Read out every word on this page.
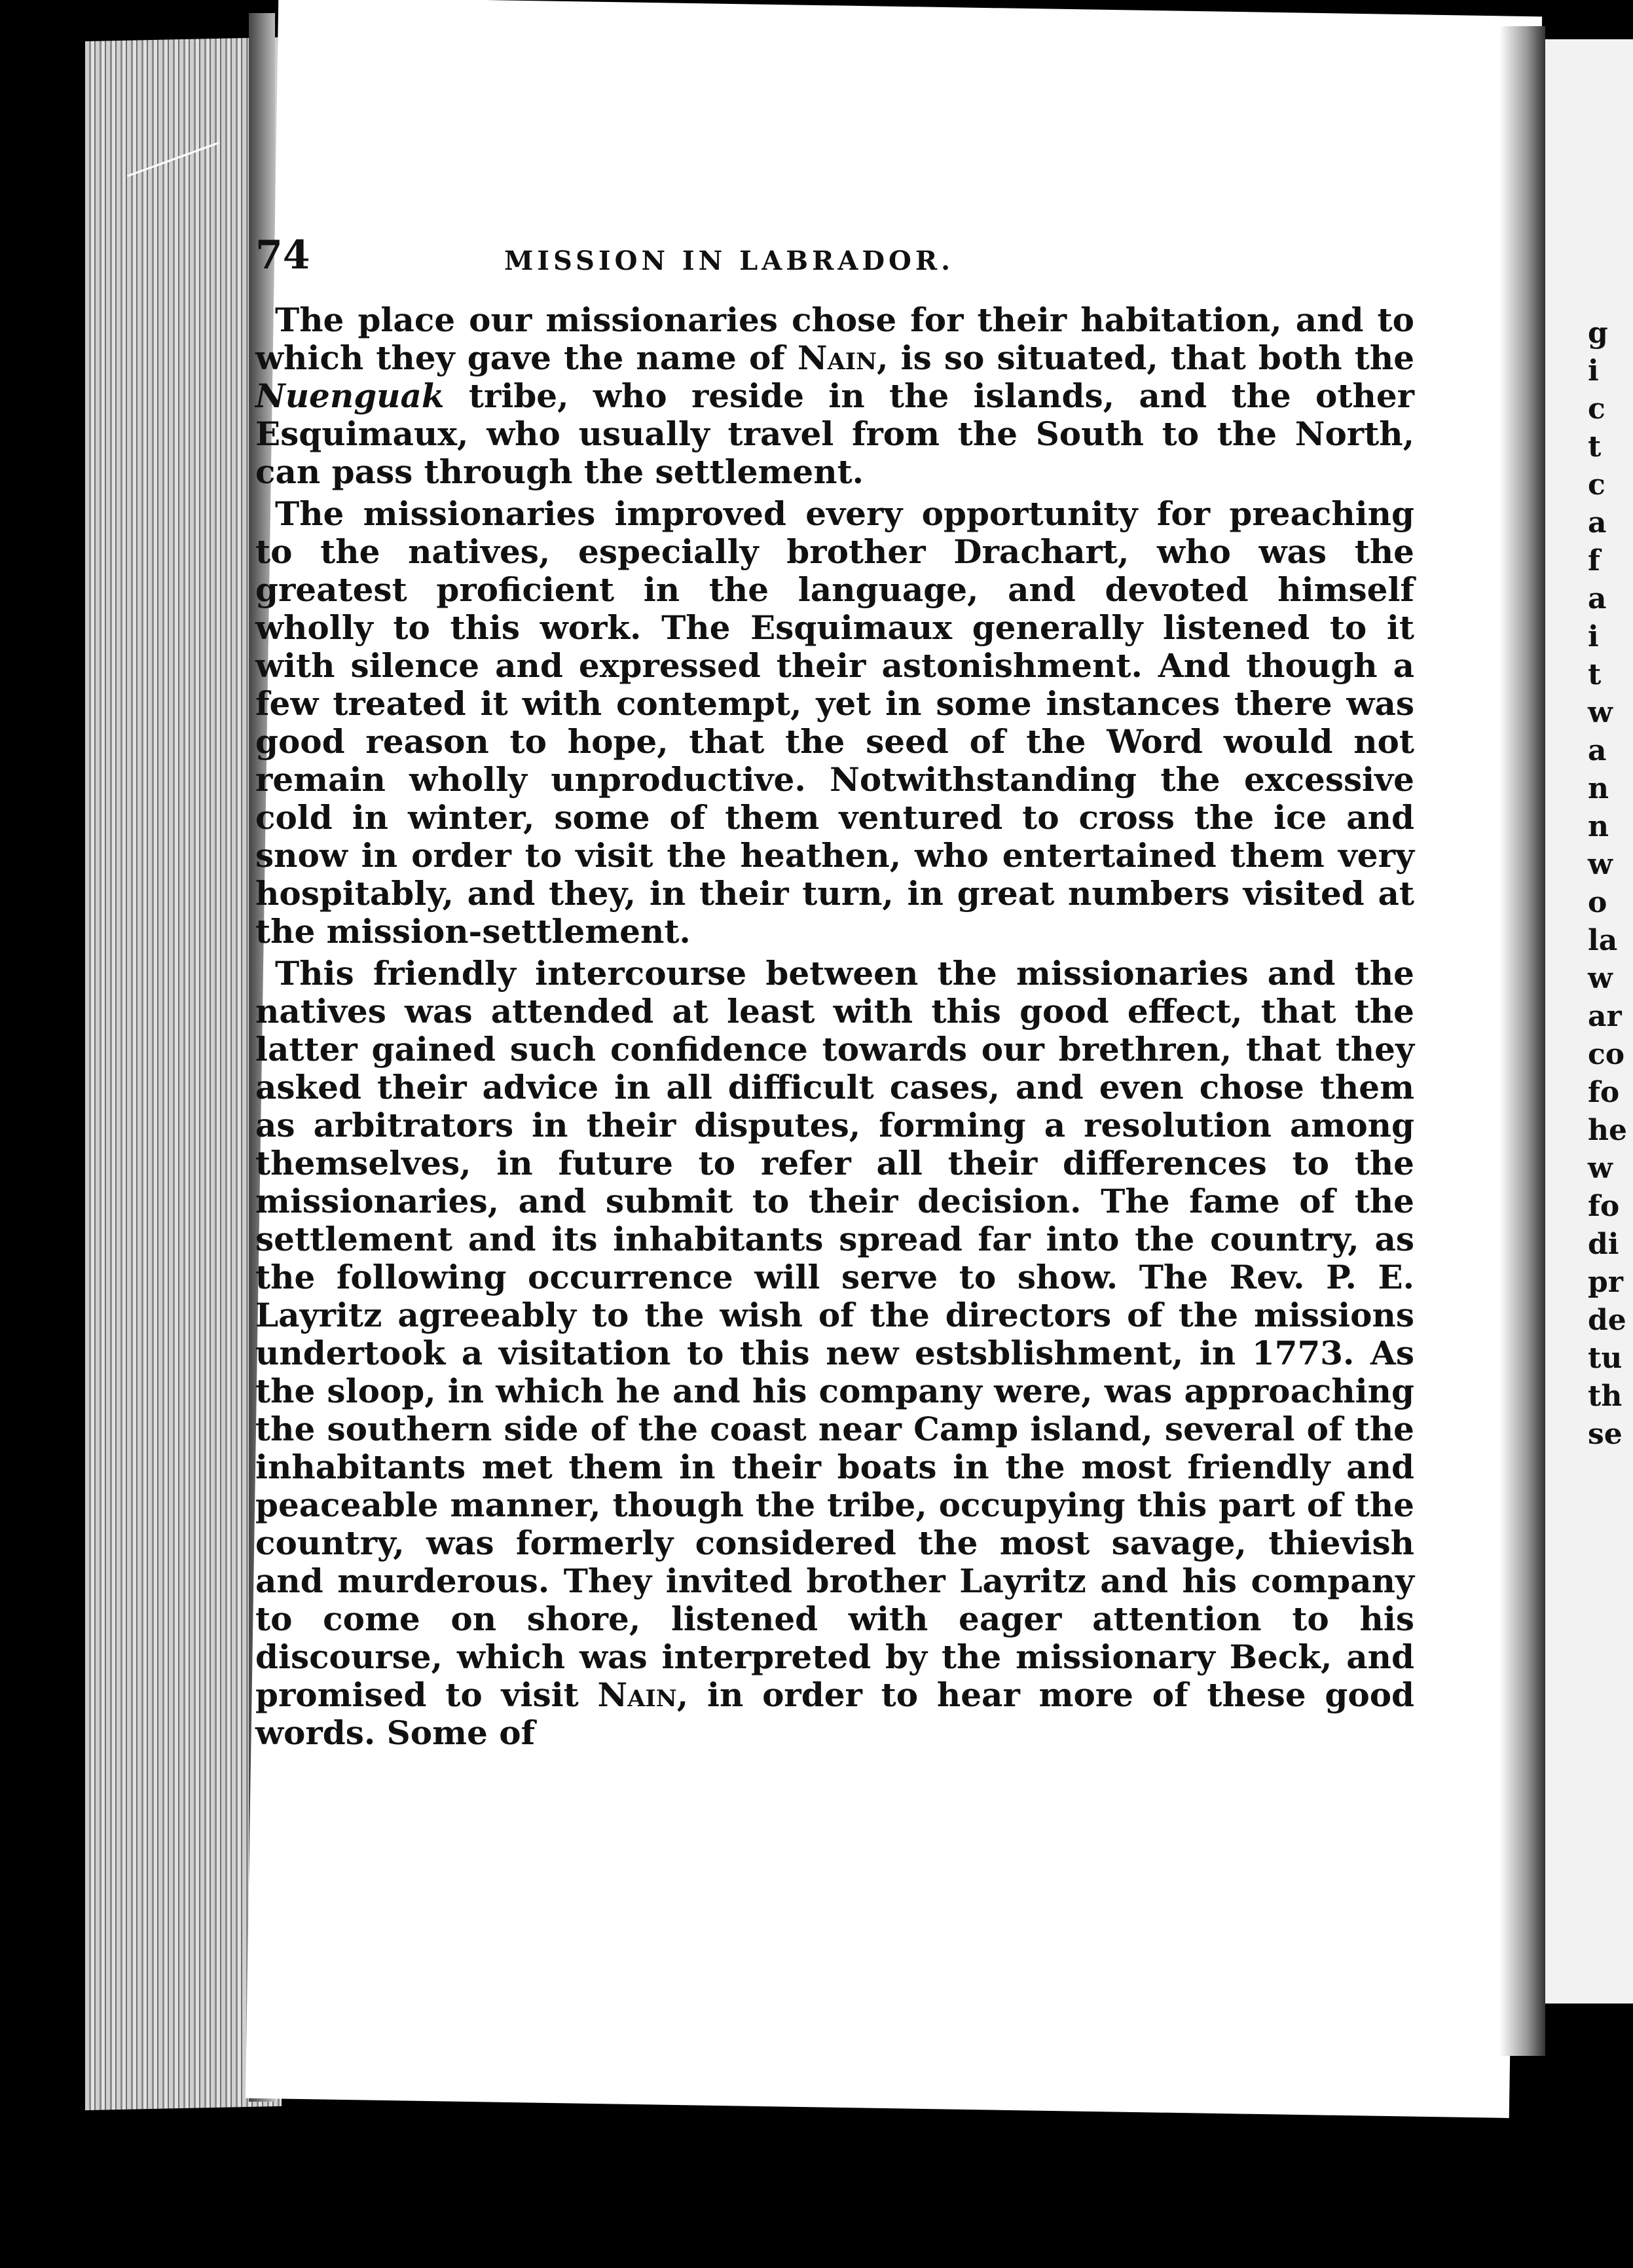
74	MISSION IN LABRADOR.

The place our missionaries chose for their habitation, and to which they gave the name of Nain, is so situated, that both the Nuenguak tribe, who reside in the islands, and the other Esquimaux, who usually travel from the South to the North, can pass through the settlement.

The missionaries improved every opportunity for preaching to the natives, especially brother Drachart, who was the greatest proficient in the language, and devoted himself wholly to this work. The Esquimaux generally listened to it with silence and expressed their astonishment. And though a few treated it with contempt, yet in some instances there was good reason to hope, that the seed of the Word would not remain wholly unproductive. Notwithstanding the excessive cold in winter, some of them ventured to cross the ice and snow in order to visit the heathen, who entertained them very hospitably, and they, in their turn, in great numbers visited at the mission-settlement.

This friendly intercourse between the missionaries and the natives was attended at least with this good effect, that the latter gained such confidence towards our brethren, that they asked their advice in all difficult cases, and even chose them as arbitrators in their disputes, forming a resolution among themselves, in future to refer all their differences to the missionaries, and submit to their decision. The fame of the settlement and its inhabitants spread far into the country, as the following occurrence will serve to show. The Rev. P. E. Layritz agreeably to the wish of the directors of the missions undertook a visitation to this new estsblishment, in 1773. As the sloop, in which he and his company were, was approaching the southern side of the coast near Camp island, several of the inhabitants met them in their boats in the most friendly and peaceable manner, though the tribe, occupying this part of the country, was formerly considered the most savage, thievish and murderous. They invited brother Layritz and his company to come on shore, listened with eager attention to his discourse, which was interpreted by the missionary Beck, and promised to visit Nain, in order to hear more of these good words. Some of

g
i
c
t
c
a
f
a
i
t
w
a
n
n
w
o
la
w
ar
co
fo
he
w
fo
di
pr
de
tu
th
se
